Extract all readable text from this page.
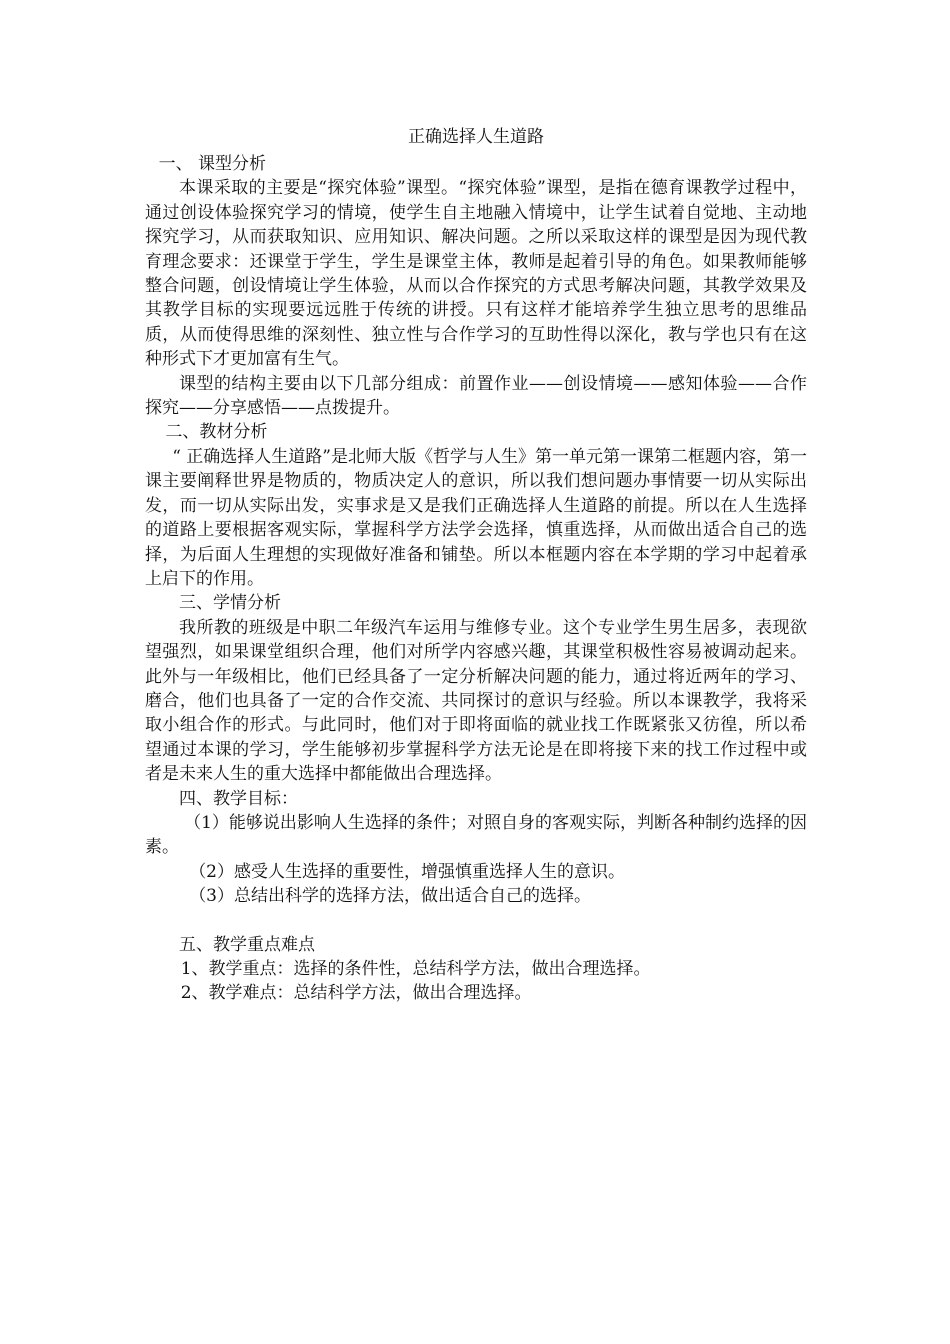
正确选择人生道路

一、 课型分析

本课采取的主要是“探究体验”课型。“探究体验”课型，是指在德育课教学过程中，通过创设体验探究学习的情境，使学生自主地融入情境中，让学生试着自觉地、主动地探究学习，从而获取知识、应用知识、解决问题。之所以采取这样的课型是因为现代教育理念要求：还课堂于学生，学生是课堂主体，教师是起着引导的角色。如果教师能够整合问题，创设情境让学生体验，从而以合作探究的方式思考解决问题，其教学效果及其教学目标的实现要远远胜于传统的讲授。只有这样才能培养学生独立思考的思维品质，从而使得思维的深刻性、独立性与合作学习的互助性得以深化，教与学也只有在这种形式下才更加富有生气。

课型的结构主要由以下几部分组成：前置作业——创设情境——感知体验——合作探究——分享感悟——点拨提升。

二、教材分析

“ 正确选择人生道路”是北师大版《哲学与人生》第一单元第一课第二框题内容，第一课主要阐释世界是物质的，物质决定人的意识，所以我们想问题办事情要一切从实际出发，而一切从实际出发，实事求是又是我们正确选择人生道路的前提。所以在人生选择的道路上要根据客观实际，掌握科学方法学会选择，慎重选择，从而做出适合自己的选择，为后面人生理想的实现做好准备和铺垫。所以本框题内容在本学期的学习中起着承上启下的作用。

三、学情分析

我所教的班级是中职二年级汽车运用与维修专业。这个专业学生男生居多，表现欲望强烈，如果课堂组织合理，他们对所学内容感兴趣，其课堂积极性容易被调动起来。此外与一年级相比，他们已经具备了一定分析解决问题的能力，通过将近两年的学习、磨合，他们也具备了一定的合作交流、共同探讨的意识与经验。所以本课教学，我将采取小组合作的形式。与此同时，他们对于即将面临的就业找工作既紧张又彷徨，所以希望通过本课的学习，学生能够初步掌握科学方法无论是在即将接下来的找工作过程中或者是未来人生的重大选择中都能做出合理选择。

四、教学目标：

（1）能够说出影响人生选择的条件；对照自身的客观实际，判断各种制约选择的因素。

（2）感受人生选择的重要性，增强慎重选择人生的意识。

（3）总结出科学的选择方法，做出适合自己的选择。

五、教学重点难点

1、教学重点：选择的条件性，总结科学方法，做出合理选择。

2、教学难点：总结科学方法，做出合理选择。
